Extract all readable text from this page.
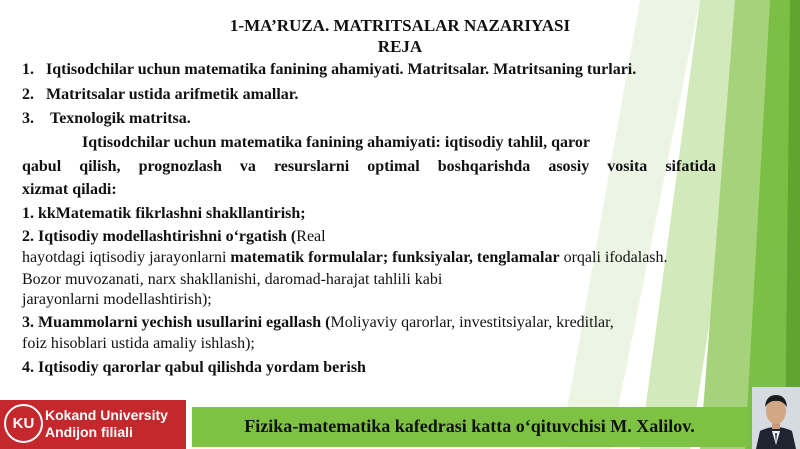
1-MA’RUZA. MATRITSALAR NAZARIYASI
REJA
1. Iqtisodchilar uchun matematika fanining ahamiyati. Matritsalar. Matritsaning turlari.
2. Matritsalar ustida arifmetik amallar.
3. Texnologik matritsa.
Iqtisodchilar uchun matematika fanining ahamiyati: iqtisodiy tahlil, qaror
qabul qilish, prognozlash va resurslarni optimal boshqarishda asosiy vosita sifatida
xizmat qiladi:
1. kkMatematik fikrlashni shakllantirish;
2. Iqtisodiy modellashtirishni o‘rgatish (Real
hayotdagi iqtisodiy jarayonlarni matematik formulalar; funksiyalar, tenglamalar orqali ifodalash.
Bozor muvozanati, narx shakllanishi, daromad-harajat tahlili kabi
jarayonlarni modellashtirish);
3. Muammolarni yechish usullarini egallash (Moliyaviy qarorlar, investitsiyalar, kreditlar,
foiz hisoblari ustida amaliy ishlash);
4. Iqtisodiy qarorlar qabul qilishda yordam berish
KU Kokand University
Andijon filiali	Fizika-matematika kafedrasi katta o‘qituvchisi M. Xalilov.
